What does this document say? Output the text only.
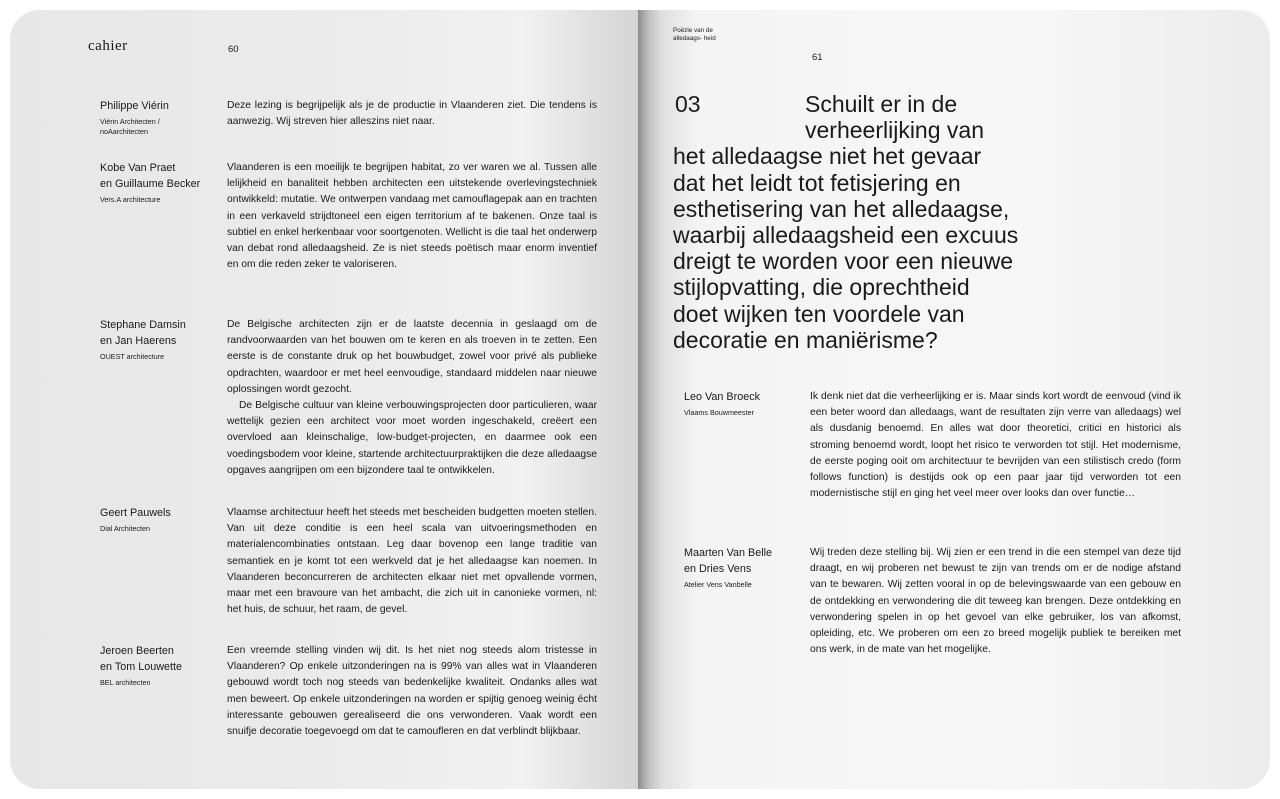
cahier	60
Philippe Viérin
Viérin Architecten / noAarchitecten

Deze lezing is begrijpelijk als je de productie in Vlaanderen ziet. Die tendens is aanwezig. Wij streven hier alleszins niet naar.

Kobe Van Praet
en Guillaume Becker
Vers.A architecture

Vlaanderen is een moeilijk te begrijpen habitat, zo ver waren we al. Tussen alle lelijkheid en banaliteit hebben architecten een uitstekende overlevingstechniek ontwikkeld: mutatie. We ontwerpen vandaag met camouflagepak aan en trachten in een verkaveld strijdtoneel een eigen territorium af te bakenen. Onze taal is subtiel en enkel herkenbaar voor soortgenoten. Wellicht is die taal het onderwerp van debat rond alledaagsheid. Ze is niet steeds poëtisch maar enorm inventief en om die reden zeker te valoriseren.

Stephane Damsin
en Jan Haerens
OUEST architecture

De Belgische architecten zijn er de laatste decennia in geslaagd om de randvoorwaarden van het bouwen om te keren en als troeven in te zetten. Een eerste is de constante druk op het bouwbudget, zowel voor privé als publieke opdrachten, waardoor er met heel eenvoudige, standaard middelen naar nieuwe oplossingen wordt gezocht.

De Belgische cultuur van kleine verbouwingsprojecten door particulieren, waar wettelijk gezien een architect voor moet worden ingeschakeld, creëert een overvloed aan kleinschalige, low-budget-projecten, en daarmee ook een voedingsbodem voor kleine, startende architectuurpraktijken die deze alledaagse opgaves aangrijpen om een bijzondere taal te ontwikkelen.

Geert Pauwels
Dial Architecten

Vlaamse architectuur heeft het steeds met bescheiden budgetten moeten stellen. Van uit deze conditie is een heel scala van uitvoeringsmethoden en materialencombinaties ontstaan. Leg daar bovenop een lange traditie van semantiek en je komt tot een werkveld dat je het alledaagse kan noemen. In Vlaanderen beconcurreren de architecten elkaar niet met opvallende vormen, maar met een bravoure van het ambacht, die zich uit in canonieke vormen, nl: het huis, de schuur, het raam, de gevel.

Jeroen Beerten
en Tom Louwette
BEL architecten

Een vreemde stelling vinden wij dit. Is het niet nog steeds alom tristesse in Vlaanderen? Op enkele uitzonderingen na is 99% van alles wat in Vlaanderen gebouwd wordt toch nog steeds van bedenkelijke kwaliteit. Ondanks alles wat men beweert. Op enkele uitzonderingen na worden er spijtig genoeg weinig écht interessante gebouwen gerealiseerd die ons verwonderen. Vaak wordt een snuifje decoratie toegevoegd om dat te camoufleren en dat verblindt blijkbaar.

Poëzie van de alledaags- heid
61
03	Schuilt er in de
verheerlijking van
het alledaagse niet het gevaar
dat het leidt tot fetisjering en
esthetisering van het alledaagse,
waarbij alledaagsheid een excuus
dreigt te worden voor een nieuwe
stijlopvatting, die oprechtheid
doet wijken ten voordele van
decoratie en maniërisme?
Leo Van Broeck
Vlaams Bouwmeester

Ik denk niet dat die verheerlijking er is. Maar sinds kort wordt de eenvoud (vind ik een beter woord dan alledaags, want de resultaten zijn verre van alledaags) wel als dusdanig benoemd. En alles wat door theoretici, critici en historici als stroming benoemd wordt, loopt het risico te verworden tot stijl. Het modernisme, de eerste poging ooit om architectuur te bevrijden van een stilistisch credo (form follows function) is destijds ook op een paar jaar tijd verworden tot een modernistische stijl en ging het veel meer over looks dan over functie…

Maarten Van Belle
en Dries Vens
Atelier Vens Vanbelle

Wij treden deze stelling bij. Wij zien er een trend in die een stempel van deze tijd draagt, en wij proberen net bewust te zijn van trends om er de nodige afstand van te bewaren. Wij zetten vooral in op de belevingswaarde van een gebouw en de ontdekking en verwondering die dit teweeg kan brengen. Deze ontdekking en verwondering spelen in op het gevoel van elke gebruiker, los van afkomst, opleiding, etc. We proberen om een zo breed mogelijk publiek te bereiken met ons werk, in de mate van het mogelijke.
